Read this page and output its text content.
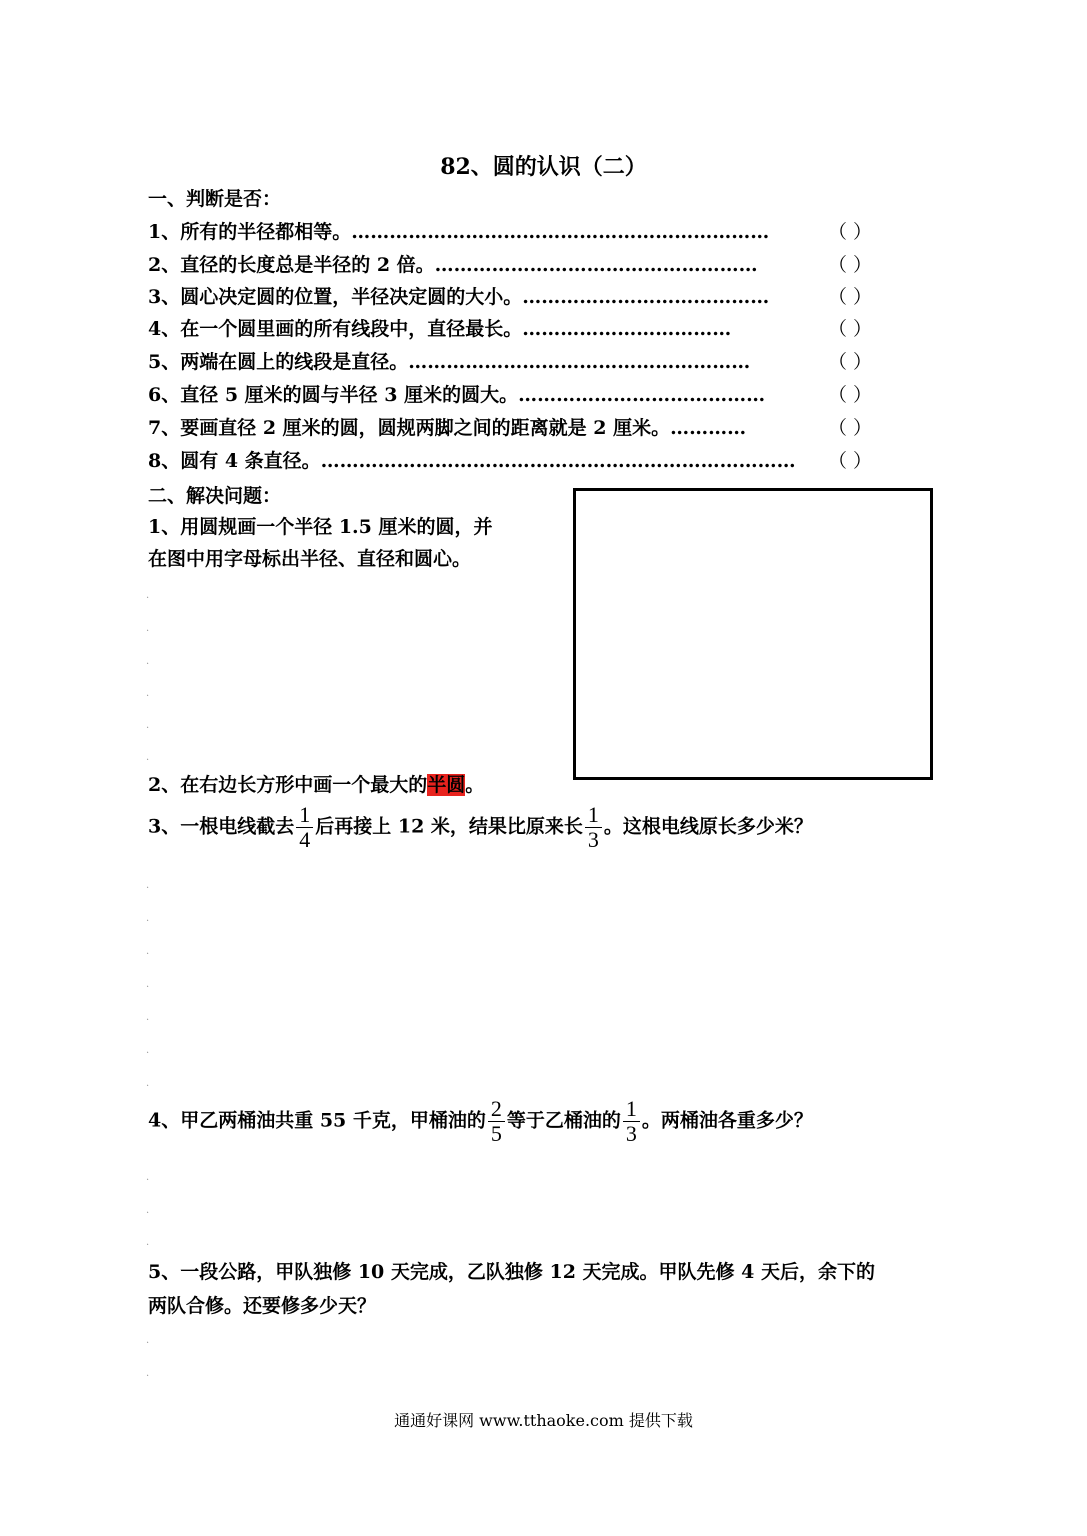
82、圆的认识（二）
一、判断是否：
1、所有的半径都相等。…………………………………………………………	（ ）
2、直径的长度总是半径的 2 倍。……………………………………………	（ ）
3、圆心决定圆的位置，半径决定圆的大小。…………………………………	（ ）
4、在一个圆里画的所有线段中，直径最长。……………………………	（ ）
5、两端在圆上的线段是直径。………………………………………………	（ ）
6、直径 5 厘米的圆与半径 3 厘米的圆大。…………………………………	（ ）
7、要画直径 2 厘米的圆，圆规两脚之间的距离就是 2 厘米。…………	（ ）
8、圆有 4 条直径。………………………………………………………………… （ ）
二、解决问题：
1、用圆规画一个半径 1.5 厘米的圆，并
在图中用字母标出半径、直径和圆心。
2、在右边长方形中画一个最大的半圆。
3、一根电线截去 $\frac{1}{4}$ 后再接上 12 米，结果比原来长 $\frac{1}{3}$ 。这根电线原长多少米？
4、甲乙两桶油共重 55 千克，甲桶油的 $\frac{2}{5}$ 等于乙桶油的 $\frac{1}{3}$ 。两桶油各重多少？
5、一段公路，甲队独修 10 天完成，乙队独修 12 天完成。甲队先修 4 天后，余下的
两队合修。还要修多少天？
.
.
.
.
.
.
.
.
.
.
.
.
.
.
.
.
.
.
通通好课网 www.tthaoke.com 提供下载
